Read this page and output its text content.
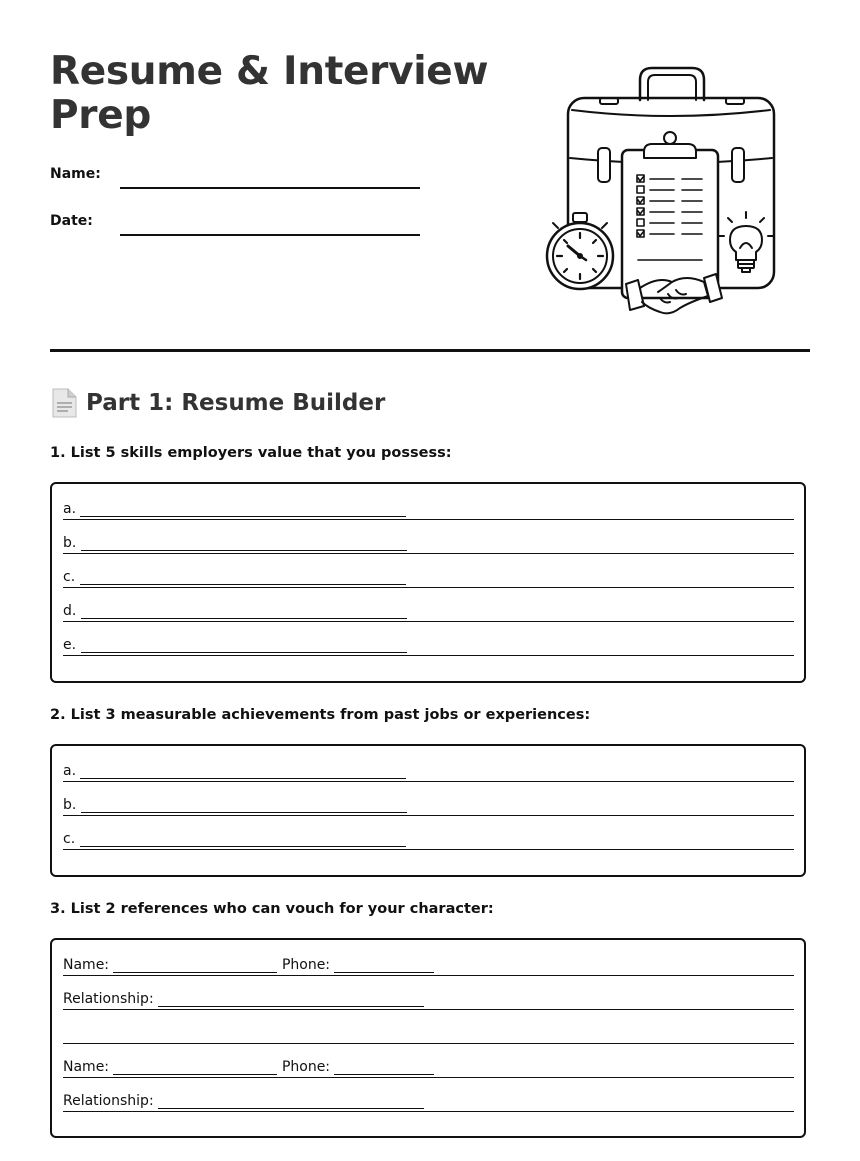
Resume & Interview Prep
Name:
Date:
Part 1: Resume Builder
1. List 5 skills employers value that you possess:
a.
b.
c.
d.
e.
2. List 3 measurable achievements from past jobs or experiences:
a.
b.
c.
3. List 2 references who can vouch for your character:
Name:	Phone:
Relationship:
Name:	Phone:
Relationship:
